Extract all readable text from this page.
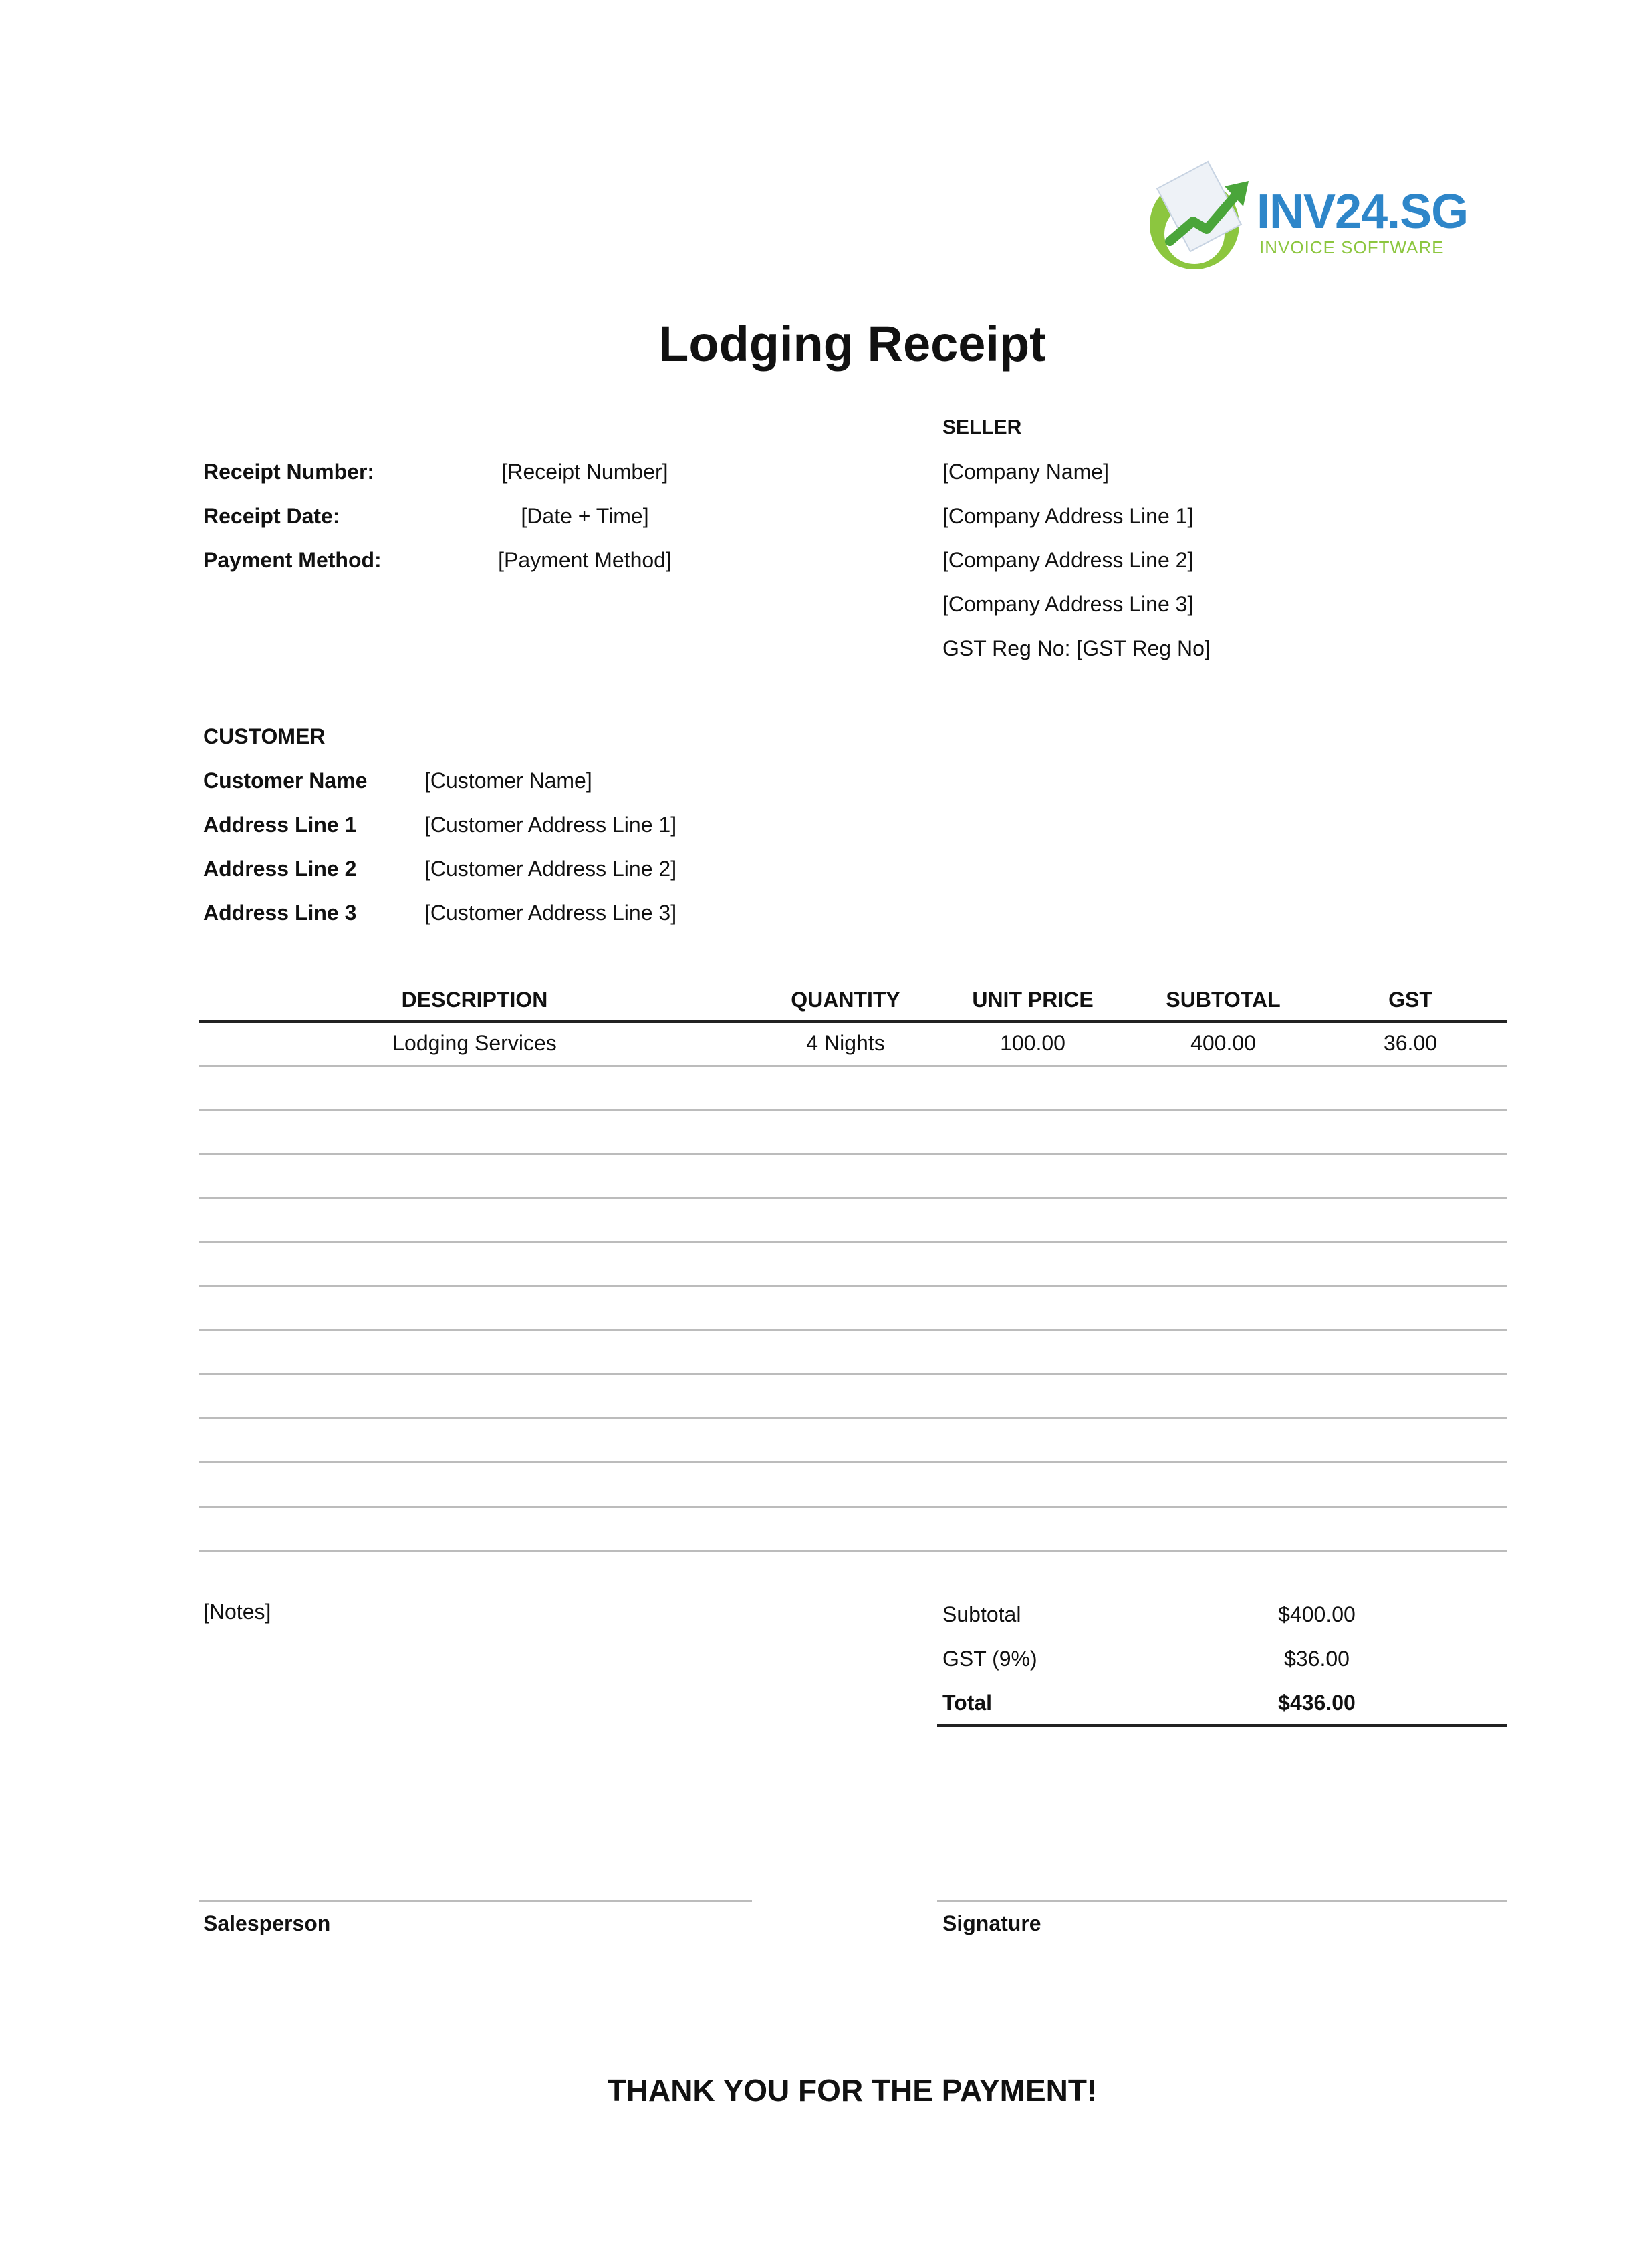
INV24.SG
INVOICE SOFTWARE
Lodging Receipt
Receipt Number:	[Receipt Number]
Receipt Date:	[Date + Time]
Payment Method:	[Payment Method]
SELLER
[Company Name]
[Company Address Line 1]
[Company Address Line 2]
[Company Address Line 3]
GST Reg No: [GST Reg No]
CUSTOMER
Customer Name	[Customer Name]
Address Line 1	[Customer Address Line 1]
Address Line 2	[Customer Address Line 2]
Address Line 3	[Customer Address Line 3]
DESCRIPTION	QUANTITY	UNIT PRICE	SUBTOTAL	GST
Lodging Services	4 Nights	100.00	400.00	36.00
[Notes]	Subtotal	$400.00
GST (9%)	$36.00
Total	$436.00
Salesperson	Signature
THANK YOU FOR THE PAYMENT!
